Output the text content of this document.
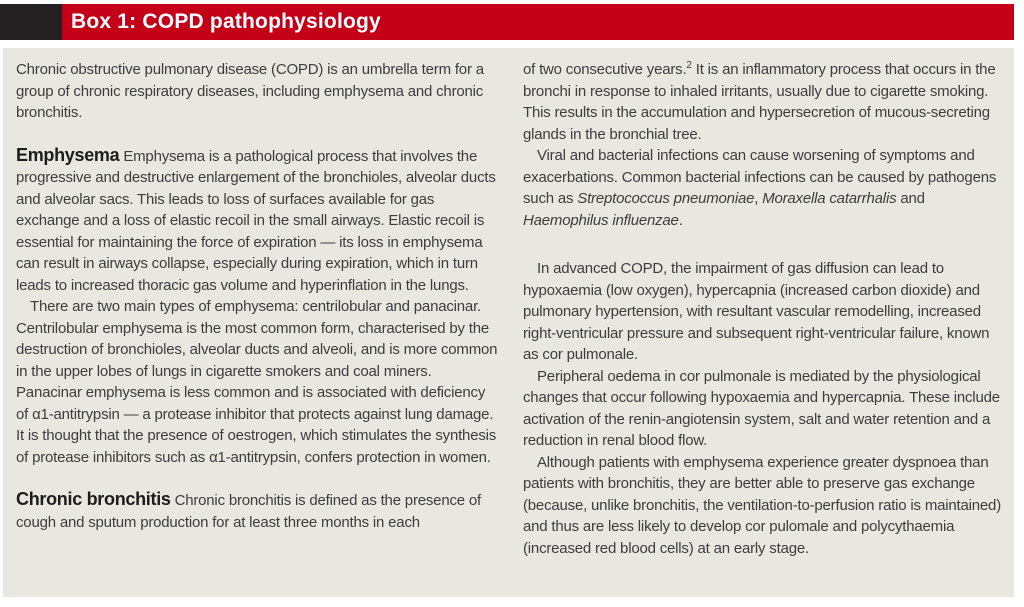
Box 1: COPD pathophysiology

Chronic obstructive pulmonary disease (COPD) is an umbrella term for a group of chronic respiratory diseases, including emphysema and chronic bronchitis.

Emphysema Emphysema is a pathological process that involves the progressive and destructive enlargement of the bronchioles, alveolar ducts and alveolar sacs. This leads to loss of surfaces available for gas exchange and a loss of elastic recoil in the small airways. Elastic recoil is essential for maintaining the force of expiration — its loss in emphysema can result in airways collapse, especially during expiration, which in turn leads to increased thoracic gas volume and hyperinflation in the lungs.

There are two main types of emphysema: centrilobular and panacinar. Centrilobular emphysema is the most common form, characterised by the destruction of bronchioles, alveolar ducts and alveoli, and is more common in the upper lobes of lungs in cigarette smokers and coal miners. Panacinar emphysema is less common and is associated with deficiency of α1-antitrypsin — a protease inhibitor that protects against lung damage. It is thought that the presence of oestrogen, which stimulates the synthesis of protease inhibitors such as α1-antitrypsin, confers protection in women.

Chronic bronchitis Chronic bronchitis is defined as the presence of cough and sputum production for at least three months in each

of two consecutive years.$^2$ It is an inflammatory process that occurs in the bronchi in response to inhaled irritants, usually due to cigarette smoking. This results in the accumulation and hypersecretion of mucous-secreting glands in the bronchial tree.

Viral and bacterial infections can cause worsening of symptoms and exacerbations. Common bacterial infections can be caused by pathogens such as Streptococcus pneumoniae, Moraxella catarrhalis and Haemophilus influenzae.

In advanced COPD, the impairment of gas diffusion can lead to hypoxaemia (low oxygen), hypercapnia (increased carbon dioxide) and pulmonary hypertension, with resultant vascular remodelling, increased right-ventricular pressure and subsequent right-ventricular failure, known as cor pulmonale.

Peripheral oedema in cor pulmonale is mediated by the physiological changes that occur following hypoxaemia and hypercapnia. These include activation of the renin-angiotensin system, salt and water retention and a reduction in renal blood flow.

Although patients with emphysema experience greater dyspnoea than patients with bronchitis, they are better able to preserve gas exchange (because, unlike bronchitis, the ventilation-to-perfusion ratio is maintained) and thus are less likely to develop cor pulomale and polycythaemia (increased red blood cells) at an early stage.
